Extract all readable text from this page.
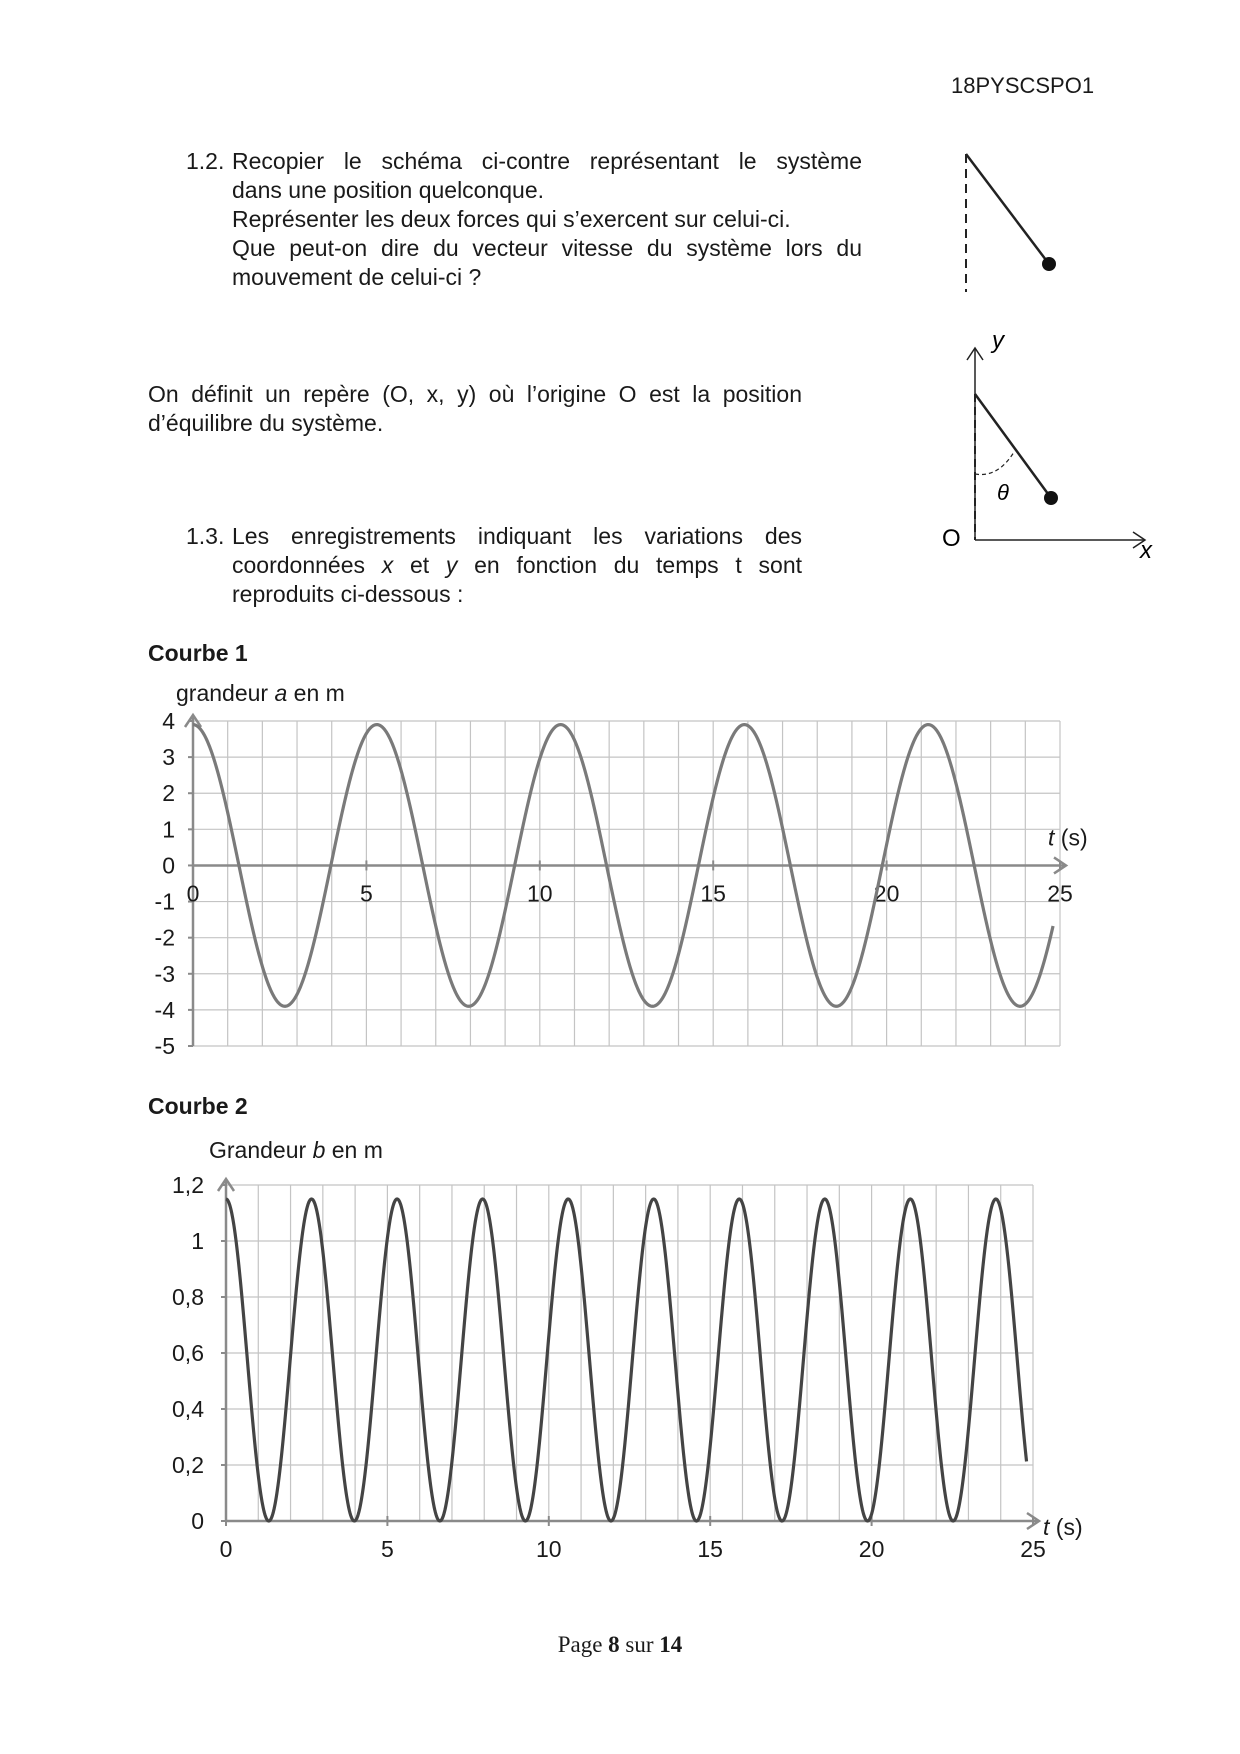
18PYSCSPO1
1.2. Recopier le schéma ci-contre représentant le système
dans une position quelconque.
Représenter les deux forces qui s’exercent sur celui-ci.
Que peut-on dire du vecteur vitesse du système lors du
mouvement de celui-ci ?
On définit un repère (O, x, y) où l’origine O est la position
d’équilibre du système.
y
x
O
θ
1.3. Les enregistrements indiquant les variations des
coordonnées x et y en fonction du temps t sont
reproduits ci-dessous :
Courbe 1
grandeur a en m
4
3
2
1
0
-1
-2
-3
-4
-5
0	5	10	15	20	25
t (s)
Courbe 2
Grandeur b en m
0
0,2
0,4
0,6
0,8
1
1,2
0	5	10	15	20	25
t (s)
Page 8 sur 14
